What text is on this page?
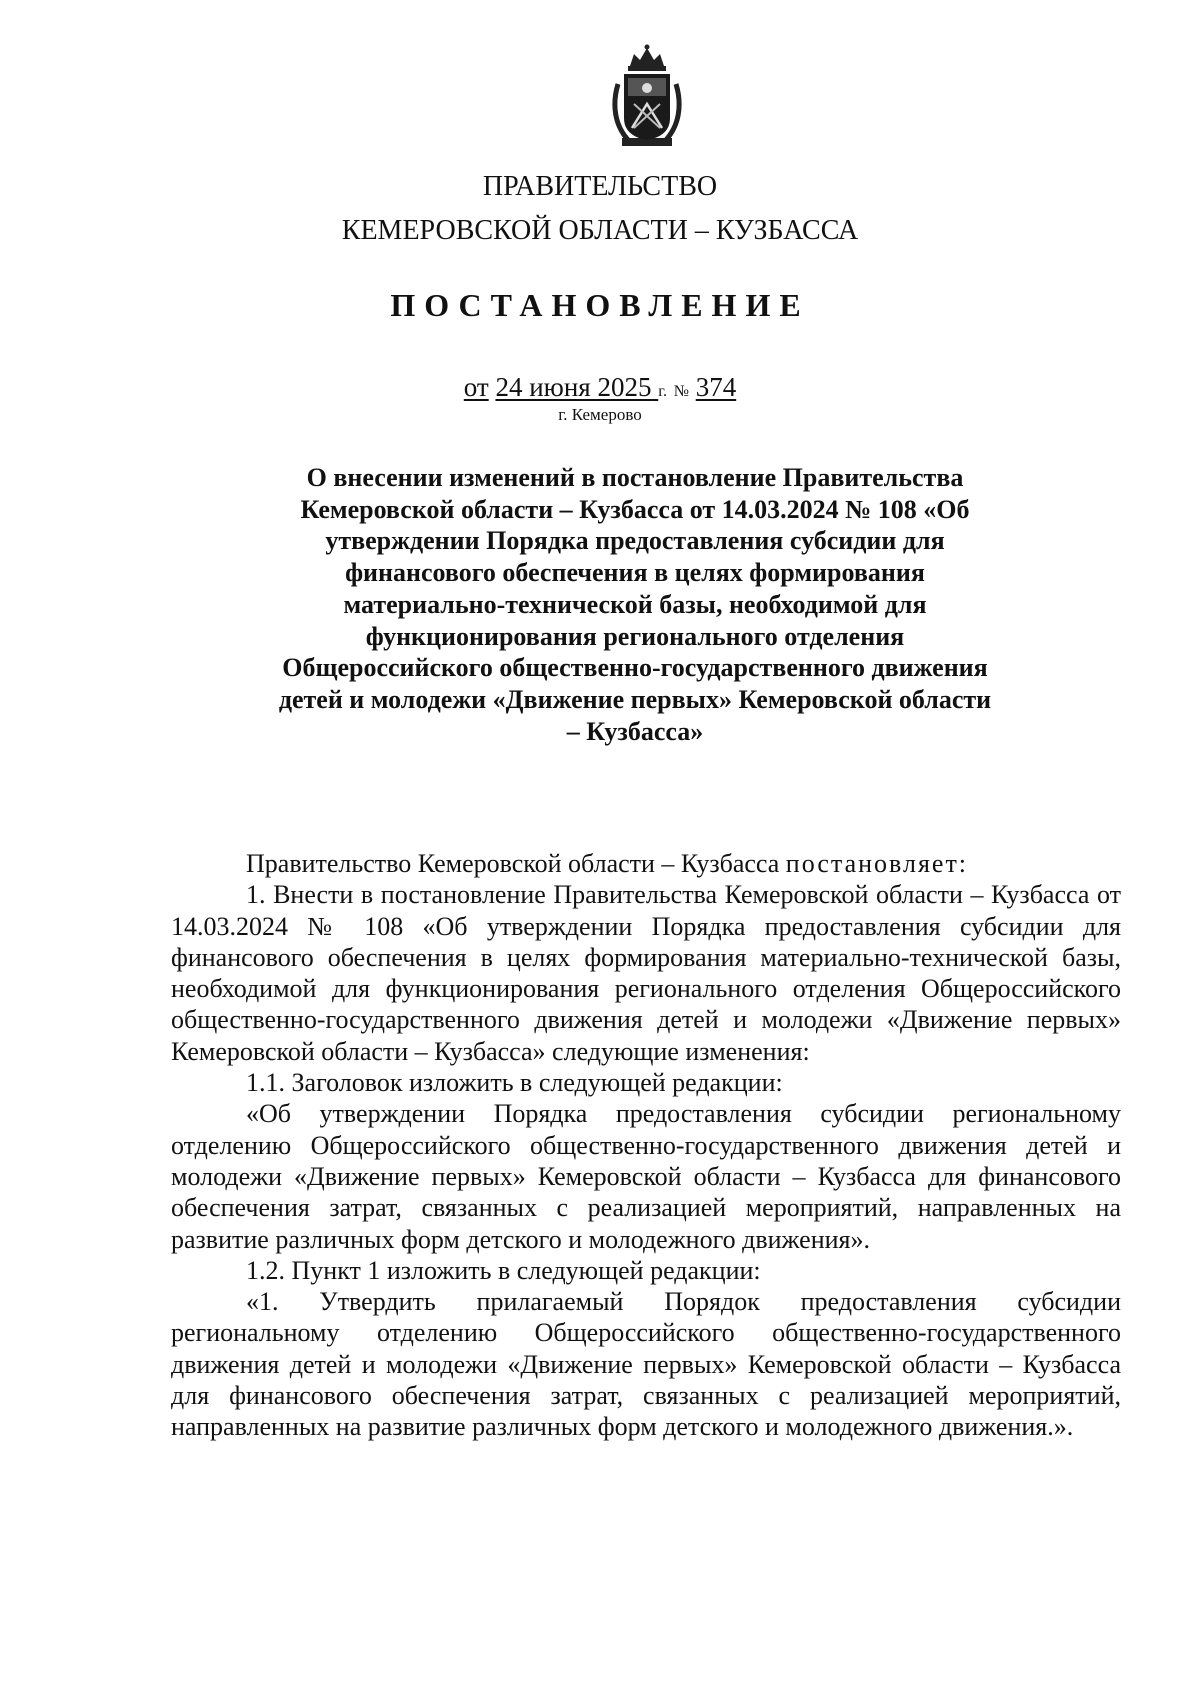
ПРАВИТЕЛЬСТВО
КЕМЕРОВСКОЙ ОБЛАСТИ – КУЗБАССА
ПОСТАНОВЛЕНИЕ
от 24 июня 2025 г. № 374
г. Кемерово
О внесении изменений в постановление Правительства Кемеровской области – Кузбасса от 14.03.2024 № 108 «Об утверждении Порядка предоставления субсидии для финансового обеспечения в целях формирования материально-технической базы, необходимой для функционирования регионального отделения Общероссийского общественно-государственного движения детей и молодежи «Движение первых» Кемеровской области – Кузбасса»

Правительство Кемеровской области – Кузбасса постановляет:

1. Внести в постановление Правительства Кемеровской области – Кузбасса от 14.03.2024 № 108 «Об утверждении Порядка предоставления субсидии для финансового обеспечения в целях формирования материально-технической базы, необходимой для функционирования регионального отделения Общероссийского общественно-государственного движения детей и молодежи «Движение первых» Кемеровской области – Кузбасса» следующие изменения:

1.1. Заголовок изложить в следующей редакции:

«Об утверждении Порядка предоставления субсидии региональному отделению Общероссийского общественно-государственного движения детей и молодежи «Движение первых» Кемеровской области – Кузбасса для финансового обеспечения затрат, связанных с реализацией мероприятий, направленных на развитие различных форм детского и молодежного движения».

1.2. Пункт 1 изложить в следующей редакции:

«1. Утвердить прилагаемый Порядок предоставления субсидии региональному отделению Общероссийского общественно-государственного движения детей и молодежи «Движение первых» Кемеровской области – Кузбасса для финансового обеспечения затрат, связанных с реализацией мероприятий, направленных на развитие различных форм детского и молодежного движения.».
